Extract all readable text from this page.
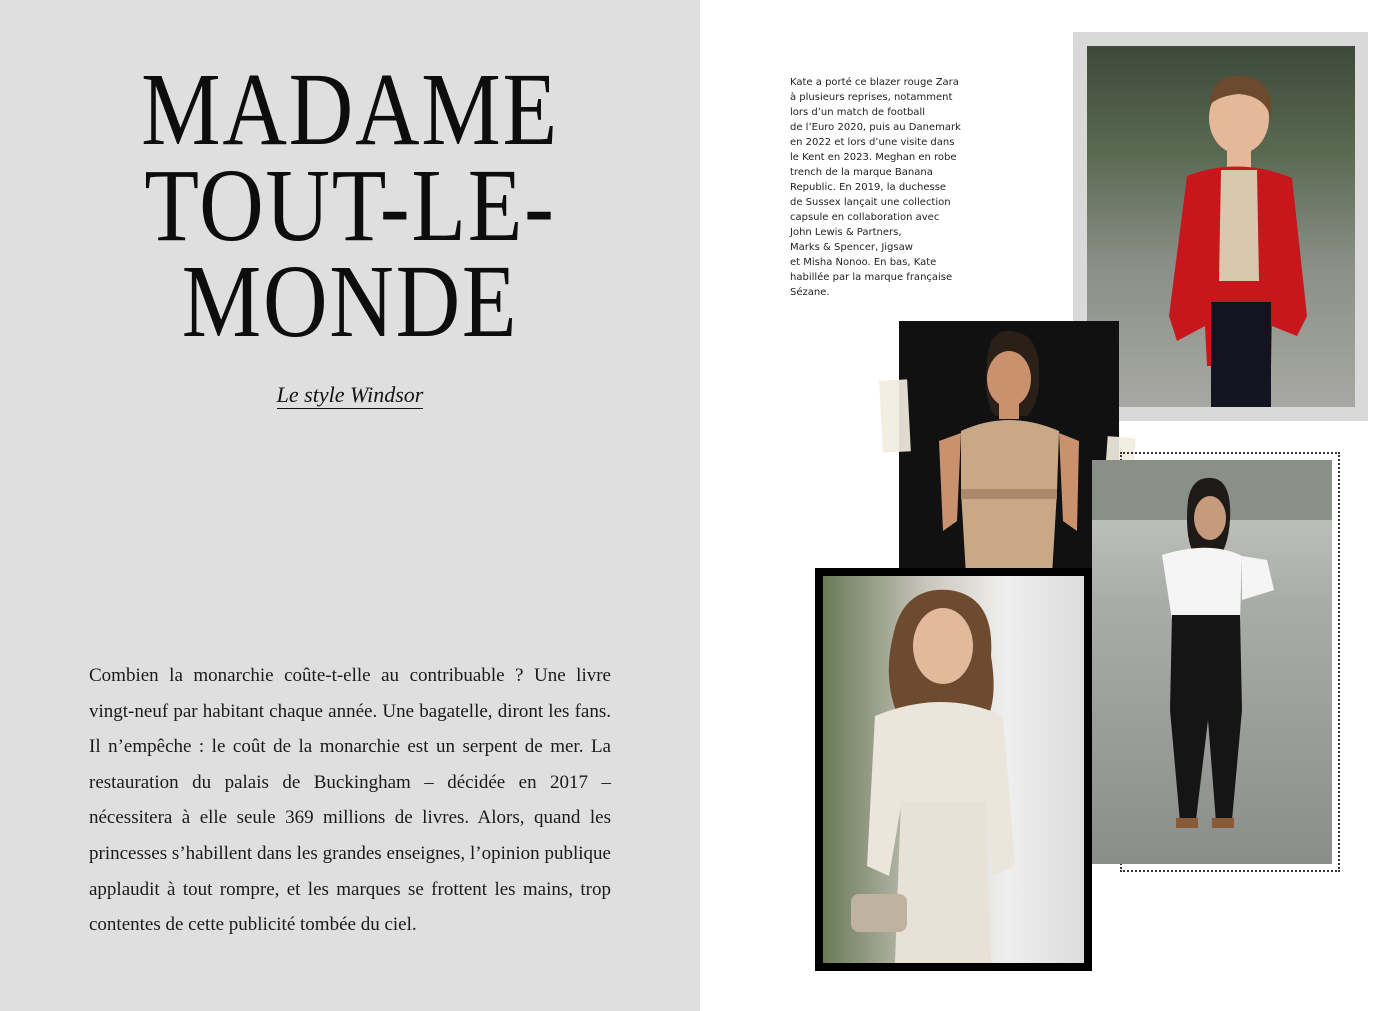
MADAME
TOUT-LE-
MONDE
Le style Windsor

Combien la monarchie coûte-t-elle au contribuable ? Une livre vingt-neuf par habitant chaque année. Une bagatelle, diront les fans. Il n’empêche : le coût de la monarchie est un serpent de mer. La restauration du palais de Buckingham – décidée en 2017 – nécessitera à elle seule 369 millions de livres. Alors, quand les princesses s’habillent dans les grandes enseignes, l’opinion publique applaudit à tout rompre, et les marques se frottent les mains, trop contentes de cette publicité tombée du ciel.

Kate a porté ce blazer rouge Zara
à plusieurs reprises, notamment
lors d’un match de football
de l’Euro 2020, puis au Danemark
en 2022 et lors d’une visite dans
le Kent en 2023. Meghan en robe
trench de la marque Banana
Republic. En 2019, la duchesse
de Sussex lançait une collection
capsule en collaboration avec
John Lewis & Partners,
Marks & Spencer, Jigsaw
et Misha Nonoo. En bas, Kate
habillée par la marque française
Sézane.
